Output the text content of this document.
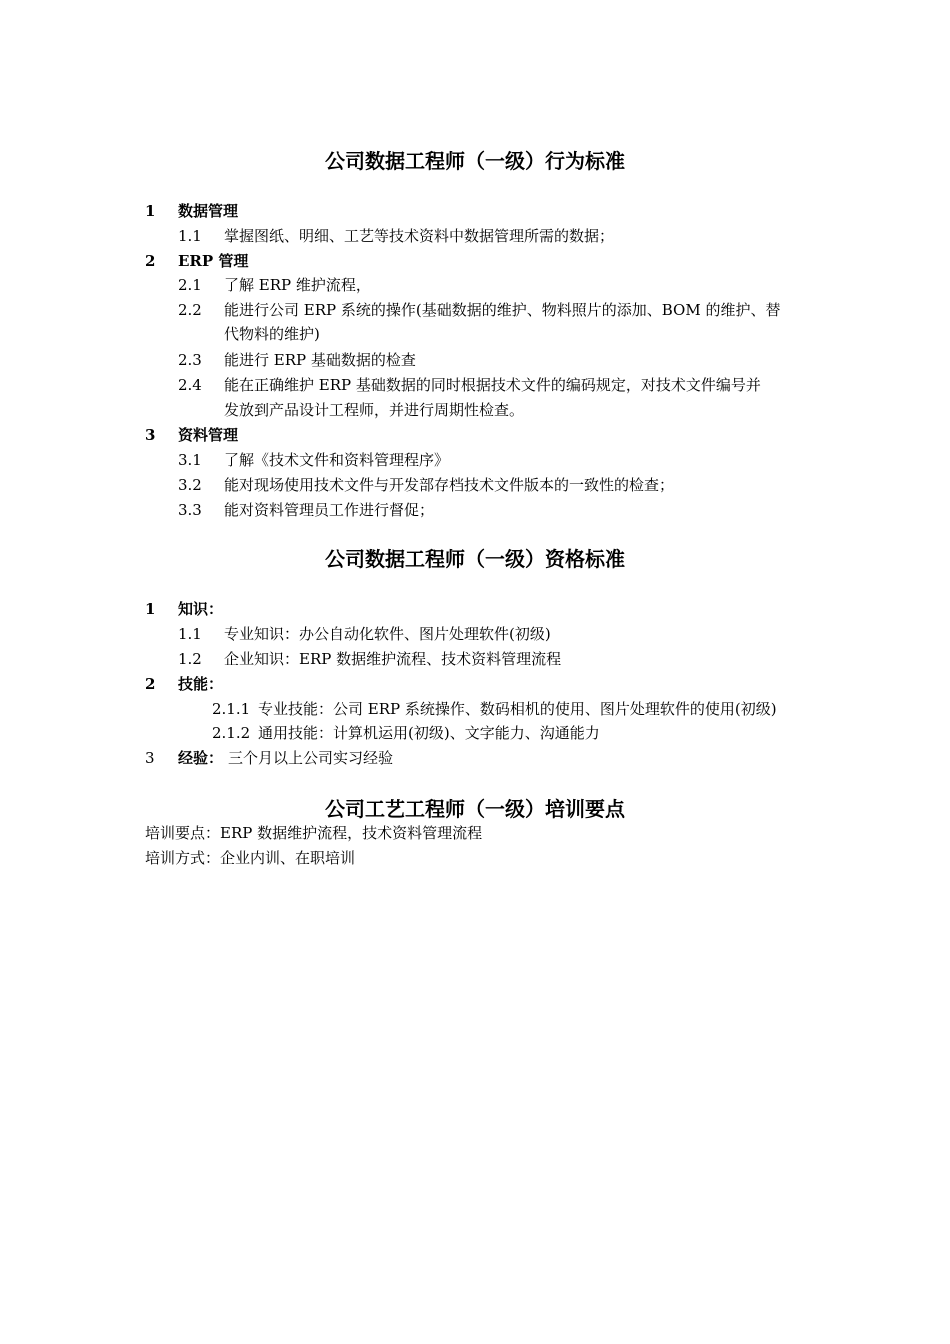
公司数据工程师（一级）行为标准
1 数据管理
1.1 掌握图纸、明细、工艺等技术资料中数据管理所需的数据；
2 ERP 管理
2.1 了解 ERP 维护流程，
2.2 能进行公司 ERP 系统的操作(基础数据的维护、物料照片的添加、BOM 的维护、替
代物料的维护)
2.3 能进行 ERP 基础数据的检查
2.4 能在正确维护 ERP 基础数据的同时根据技术文件的编码规定，对技术文件编号并
发放到产品设计工程师，并进行周期性检查。
3 资料管理
3.1 了解《技术文件和资料管理程序》
3.2 能对现场使用技术文件与开发部存档技术文件版本的一致性的检查；
3.3 能对资料管理员工作进行督促；
公司数据工程师（一级）资格标准
1 知识：
1.1 专业知识：办公自动化软件、图片处理软件(初级)
1.2 企业知识：ERP 数据维护流程、技术资料管理流程
2 技能：
2.1.1 专业技能：公司 ERP 系统操作、数码相机的使用、图片处理软件的使用(初级)
2.1.2 通用技能：计算机运用(初级)、文字能力、沟通能力
3 经验： 三个月以上公司实习经验
公司工艺工程师（一级）培训要点
培训要点：ERP 数据维护流程，技术资料管理流程
培训方式：企业内训、在职培训
